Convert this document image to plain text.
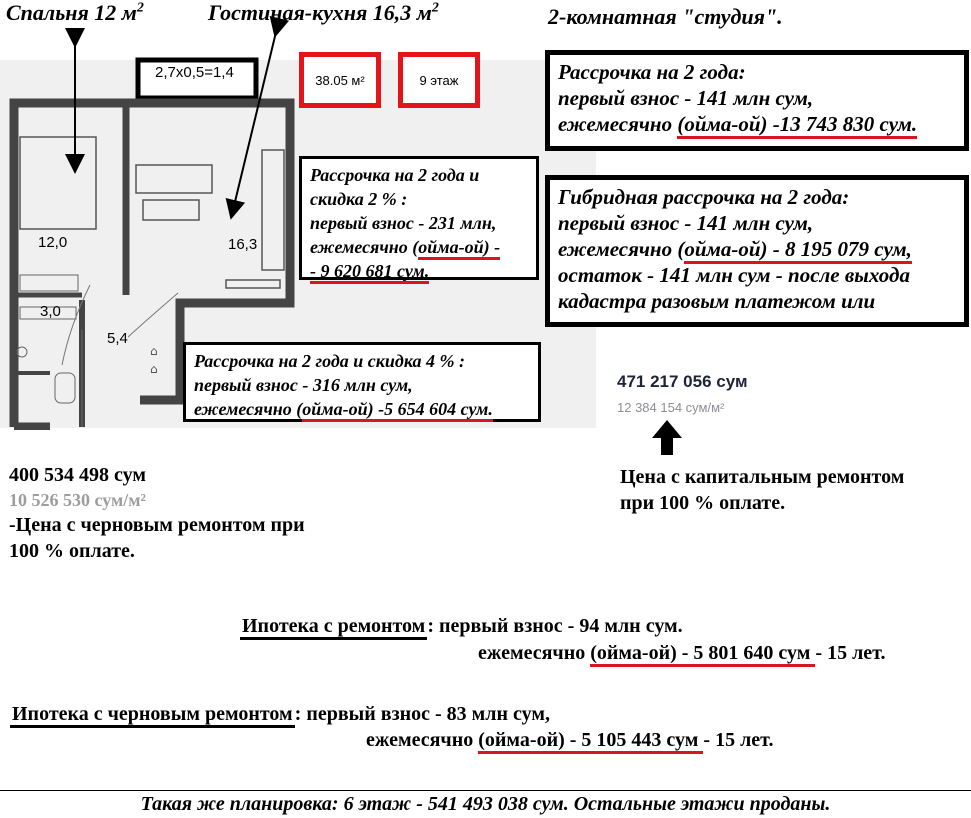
Спальня 12 $м^2$	Гостиная-кухня 16,3 $м^2$	2-комнатная "студия".
⌂
⌂
2,7x0,5=1,4
12,0	16,3
3,0
5,4
38.05 м²	9 этаж	Рассрочка на 2 года:
первый взнос - 141 млн сум,
ежемесячно (ойма-ой) -13 743 830 сум.
Рассрочка на 2 года и
скидка 2 % :
первый взнос - 231 млн,
ежемесячно (ойма-ой) -
- 9 620 681 сум.
Гибридная рассрочка на 2 года:
первый взнос - 141 млн сум,
ежемесячно (ойма-ой) - 8 195 079 сум,
остаток - 141 млн сум - после выхода
кадастра разовым платежом или
Рассрочка на 2 года и скидка 4 % :
первый взнос - 316 млн сум,
ежемесячно (ойма-ой) -5 654 604 сум.
471 217 056 сум
12 384 154 сум/м²
Цена с капитальным ремонтом
при 100 % оплате.
400 534 498 сум
10 526 530 сум/м²
-Цена с черновым ремонтом при
100 % оплате.
Ипотека с ремонтом : первый взнос - 94 млн сум.
ежемесячно (ойма-ой) - 5 801 640 сум - 15 лет.
Ипотека с черновым ремонтом : первый взнос - 83 млн сум,
ежемесячно (ойма-ой) - 5 105 443 сум - 15 лет.
Такая же планировка: 6 этаж - 541 493 038 сум. Остальные этажи проданы.
